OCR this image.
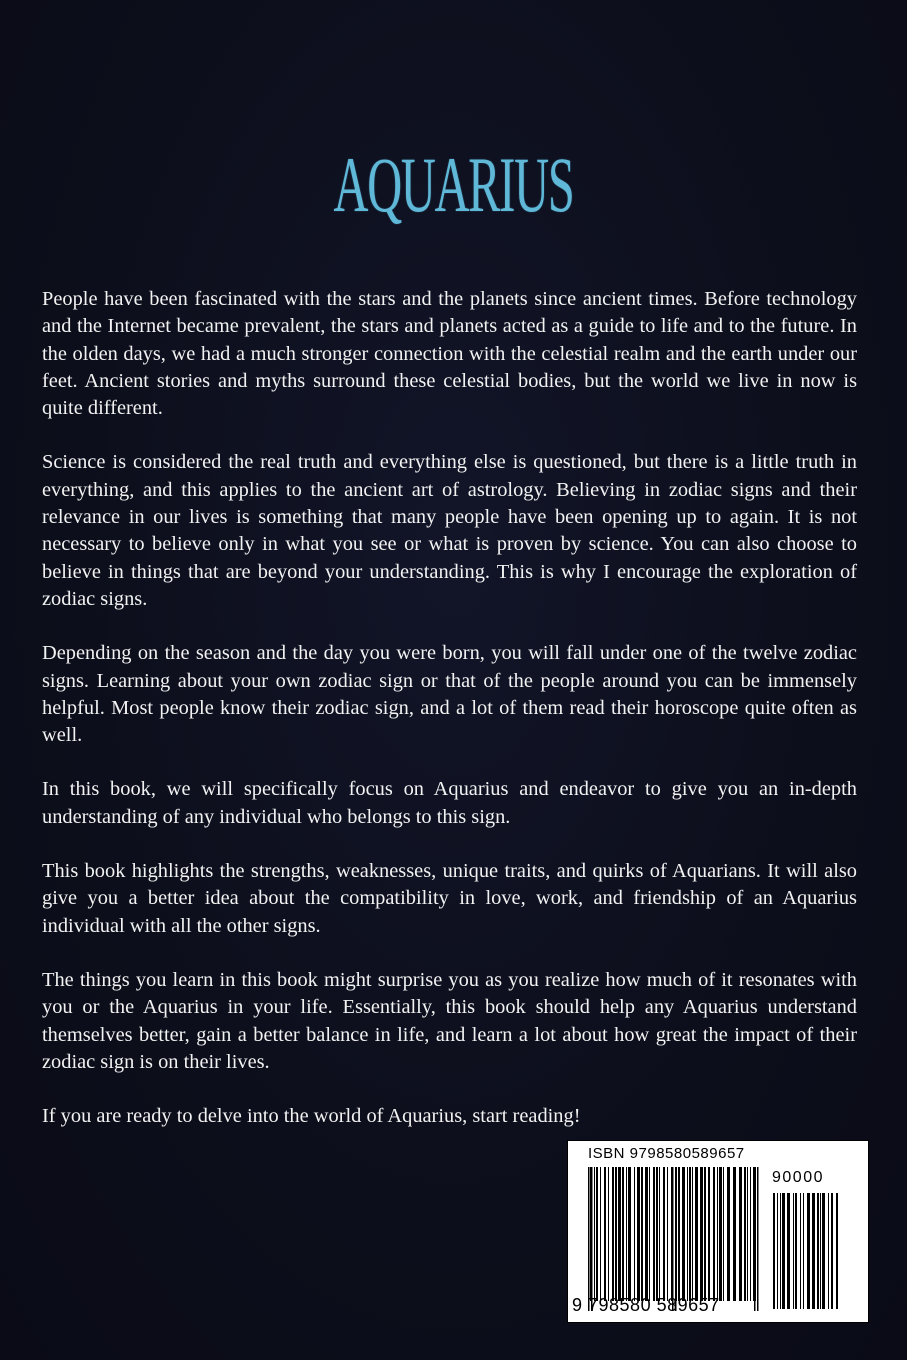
AQUARIUS

People have been fascinated with the stars and the planets since ancient times. Before technology and the Internet became prevalent, the stars and planets acted as a guide to life and to the future. In the olden days, we had a much stronger connection with the celestial realm and the earth under our feet. Ancient stories and myths surround these celestial bodies, but the world we live in now is quite different.

Science is considered the real truth and everything else is questioned, but there is a little truth in everything, and this applies to the ancient art of astrology. Believing in zodiac signs and their relevance in our lives is something that many people have been opening up to again. It is not necessary to believe only in what you see or what is proven by science. You can also choose to believe in things that are beyond your understanding. This is why I encourage the exploration of zodiac signs.

Depending on the season and the day you were born, you will fall under one of the twelve zodiac signs. Learning about your own zodiac sign or that of the people around you can be immensely helpful. Most people know their zodiac sign, and a lot of them read their horoscope quite often as well.

In this book, we will specifically focus on Aquarius and endeavor to give you an in-depth understanding of any individual who belongs to this sign.

This book highlights the strengths, weaknesses, unique traits, and quirks of Aquarians. It will also give you a better idea about the compatibility in love, work, and friendship of an Aquarius individual with all the other signs.

The things you learn in this book might surprise you as you realize how much of it resonates with you or the Aquarius in your life. Essentially, this book should help any Aquarius understand themselves better, gain a better balance in life, and learn a lot about how great the impact of their zodiac sign is on their lives.

If you are ready to delve into the world of Aquarius, start reading!

ISBN 9798580589657
90000
9 798580 589657
